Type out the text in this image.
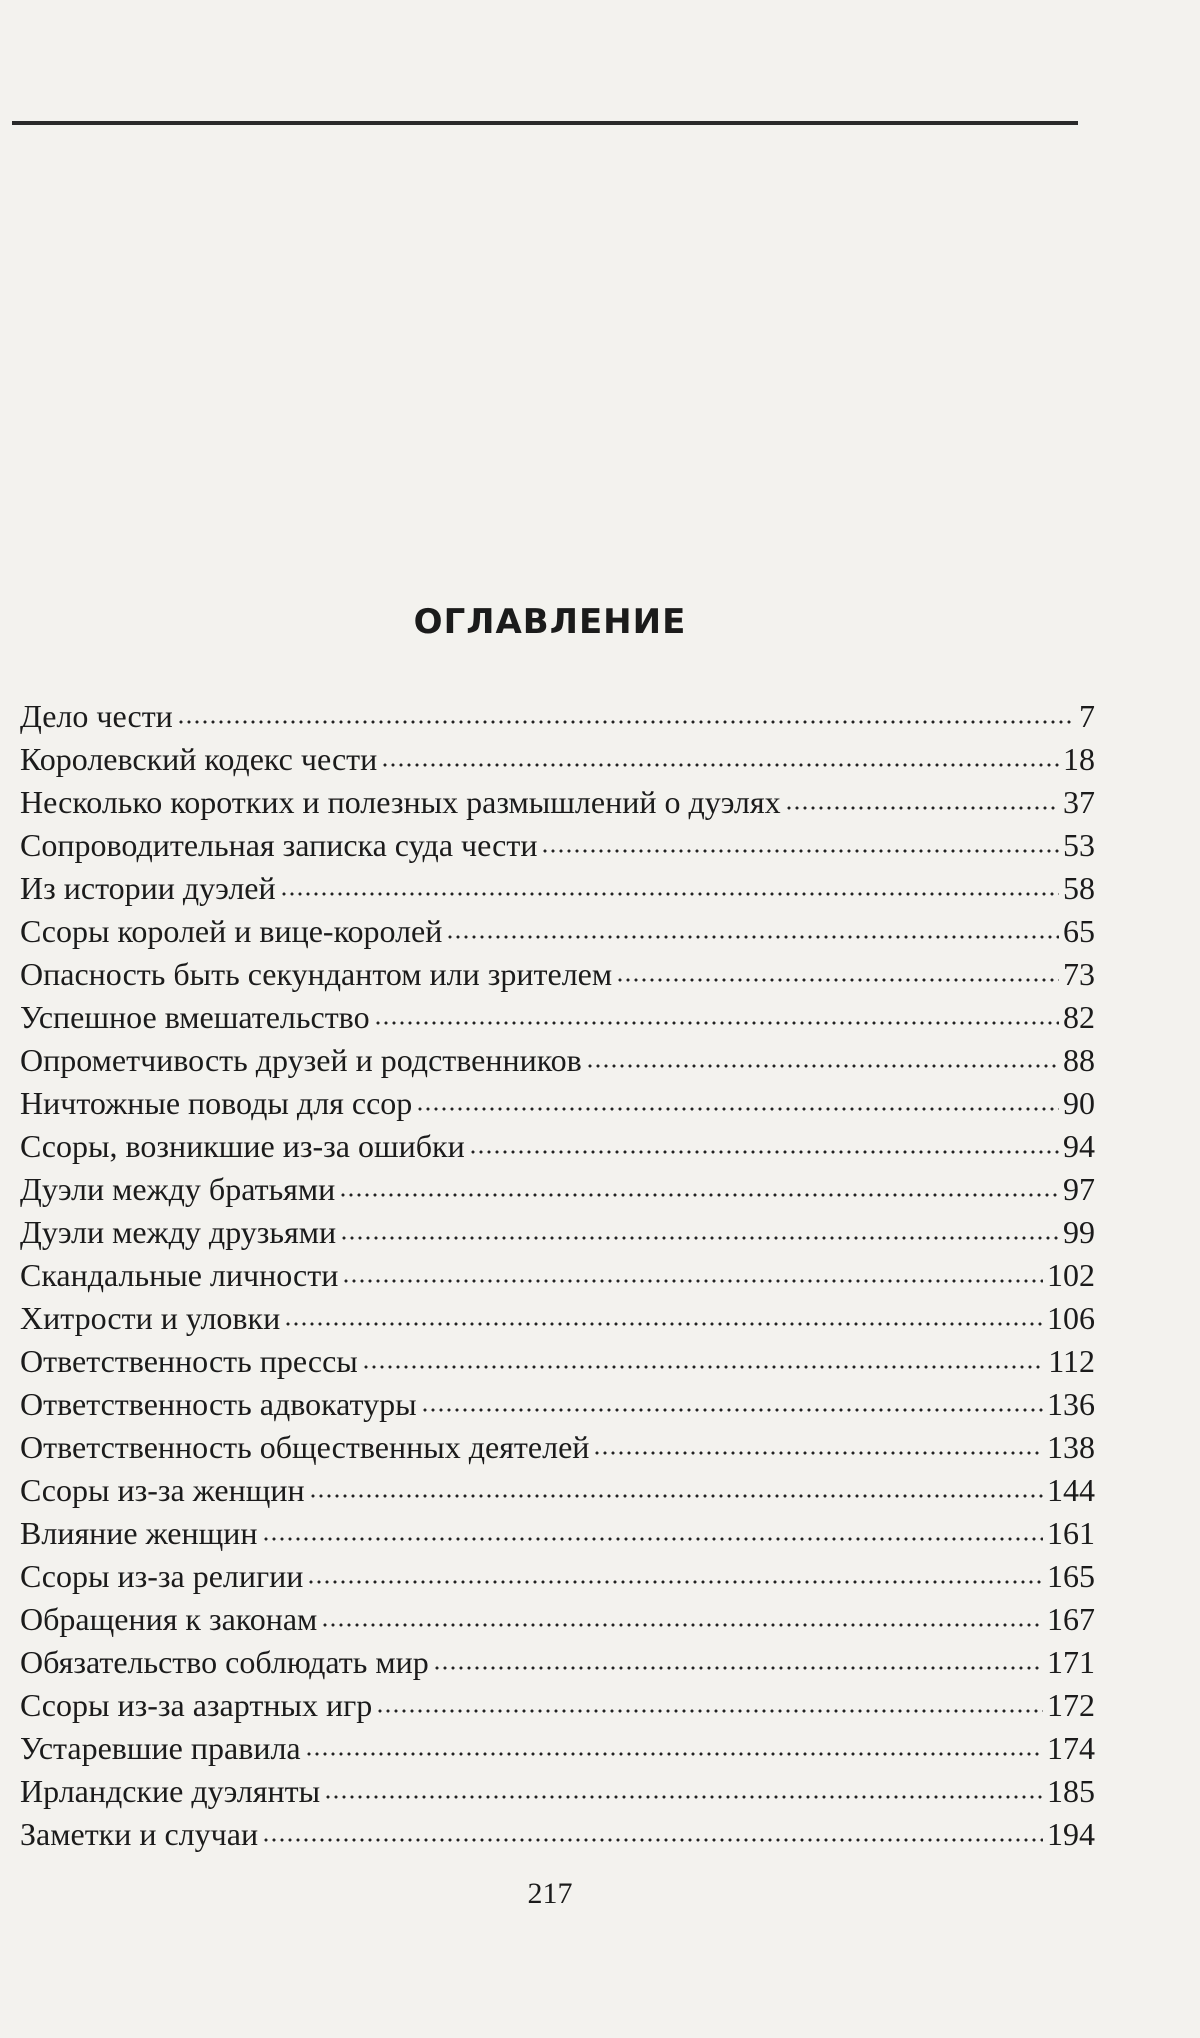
ОГЛАВЛЕНИЕ
Дело чести	7
Королевский кодекс чести	18
Несколько коротких и полезных размышлений о дуэлях	37
Сопроводительная записка суда чести	53
Из истории дуэлей	58
Ссоры королей и вице-королей	65
Опасность быть секундантом или зрителем	73
Успешное вмешательство	82
Опрометчивость друзей и родственников	88
Ничтожные поводы для ссор	90
Ссоры, возникшие из-за ошибки	94
Дуэли между братьями	97
Дуэли между друзьями	99
Скандальные личности	102
Хитрости и уловки	106
Ответственность прессы	112
Ответственность адвокатуры	136
Ответственность общественных деятелей	138
Ссоры из-за женщин	144
Влияние женщин	161
Ссоры из-за религии	165
Обращения к законам	167
Обязательство соблюдать мир	171
Ссоры из-за азартных игр	172
Устаревшие правила	174
Ирландские дуэлянты	185
Заметки и случаи	194
217
